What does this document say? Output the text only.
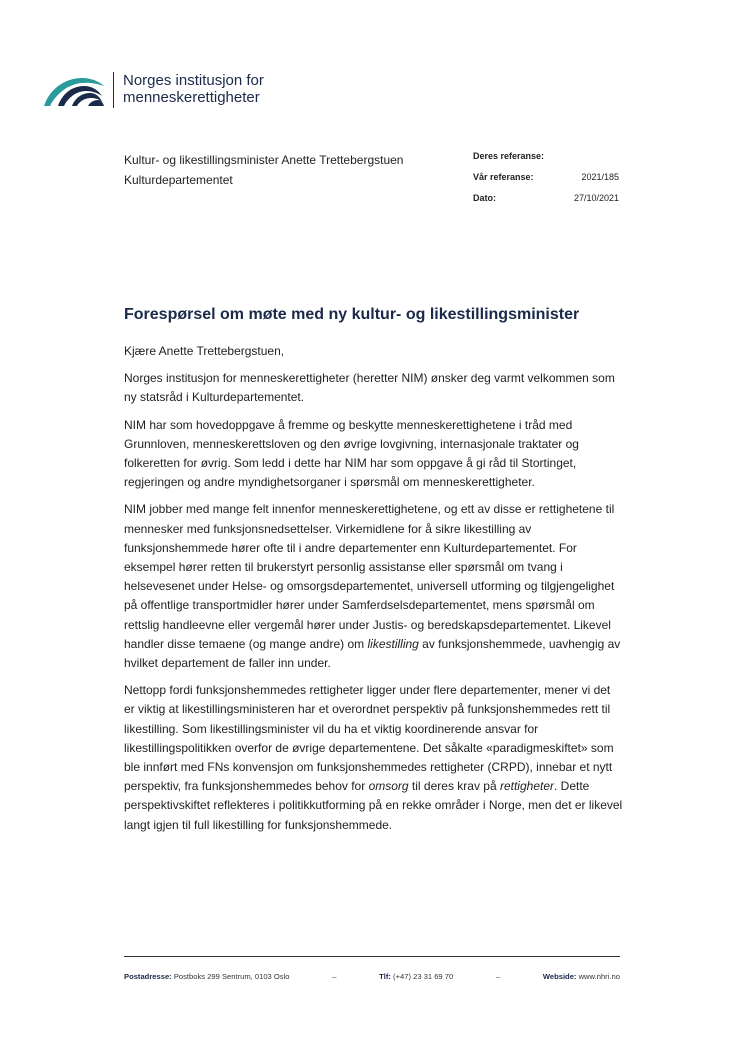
Norges institusjon for
menneskerettigheter
Kultur- og likestillingsminister Anette Trettebergstuen
Kulturdepartementet
Deres referanse:
Vår referanse:	2021/185
Dato:	27/10/2021
Forespørsel om møte med ny kultur- og likestillingsminister

Kjære Anette Trettebergstuen,

Norges institusjon for menneskerettigheter (heretter NIM) ønsker deg varmt velkommen som ny statsråd i Kulturdepartementet.

NIM har som hovedoppgave å fremme og beskytte menneskerettighetene i tråd med Grunnloven, menneskerettsloven og den øvrige lovgivning, internasjonale traktater og folkeretten for øvrig. Som ledd i dette har NIM har som oppgave å gi råd til Stortinget, regjeringen og andre myndighetsorganer i spørsmål om menneskerettigheter.

NIM jobber med mange felt innenfor menneskerettighetene, og ett av disse er rettighetene til mennesker med funksjonsnedsettelser. Virkemidlene for å sikre likestilling av funksjonshemmede hører ofte til i andre departementer enn Kulturdepartementet. For eksempel hører retten til brukerstyrt personlig assistanse eller spørsmål om tvang i helsevesenet under Helse- og omsorgsdepartementet, universell utforming og tilgjengelighet på offentlige transportmidler hører under Samferdselsdepartementet, mens spørsmål om rettslig handleevne eller vergemål hører under Justis- og beredskapsdepartementet. Likevel handler disse temaene (og mange andre) om likestilling av funksjonshemmede, uavhengig av hvilket departement de faller inn under.

Nettopp fordi funksjonshemmedes rettigheter ligger under flere departementer, mener vi det er viktig at likestillingsministeren har et overordnet perspektiv på funksjonshemmedes rett til likestilling. Som likestillingsminister vil du ha et viktig koordinerende ansvar for likestillingspolitikken overfor de øvrige departementene. Det såkalte «paradigmeskiftet» som ble innført med FNs konvensjon om funksjonshemmedes rettigheter (CRPD), innebar et nytt perspektiv, fra funksjonshemmedes behov for omsorg til deres krav på rettigheter. Dette perspektivskiftet reflekteres i politikkutforming på en rekke områder i Norge, men det er likevel langt igjen til full likestilling for funksjonshemmede.

Postadresse: Postboks 299 Sentrum, 0103 Oslo	–	Tlf: (+47) 23 31 69 70	–	Webside: www.nhri.no
